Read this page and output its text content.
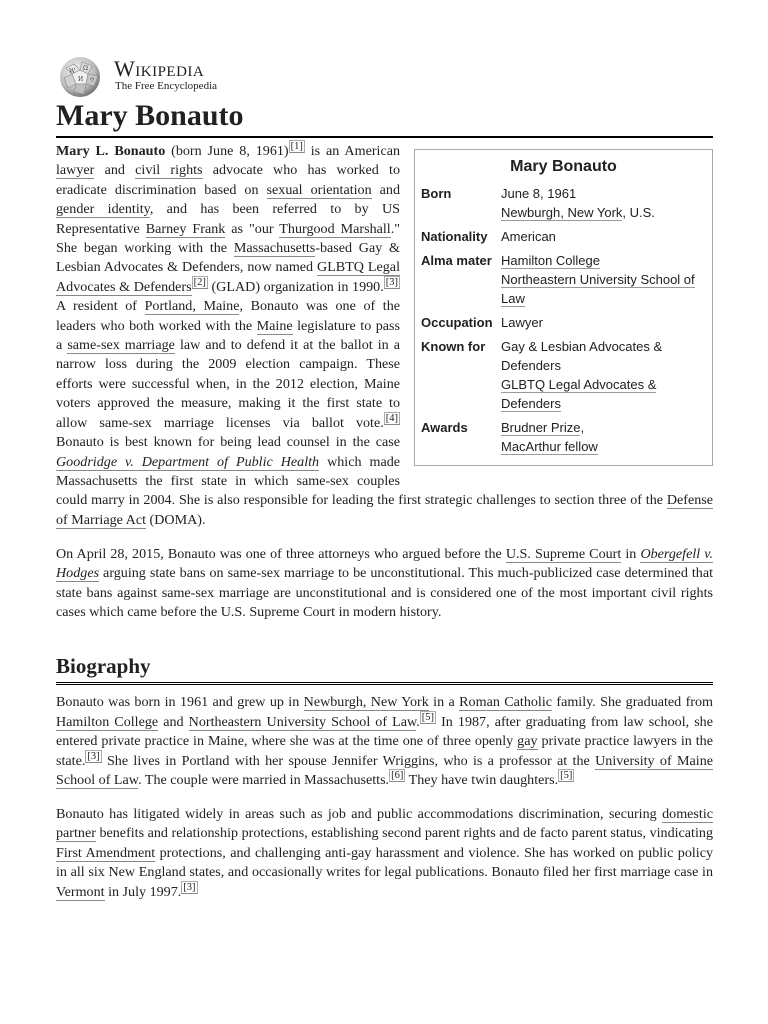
W Ω
И ウ Wikipedia
The Free Encyclopedia
Mary Bonauto
Mary Bonauto
Born	June 8, 1961
Newburgh, New York, U.S.
Nationality	American
Alma mater	Hamilton College
Northeastern University School of Law
Occupation	Lawyer
Known for	Gay & Lesbian Advocates & Defenders
GLBTQ Legal Advocates & Defenders
Awards	Brudner Prize,
MacArthur fellow

Mary L. Bonauto (born June 8, 1961) [1] is an American lawyer and civil rights advocate who has worked to eradicate discrimination based on sexual orientation and gender identity, and has been referred to by US Representative Barney Frank as "our Thurgood Marshall." She began working with the Massachusetts-based Gay & Lesbian Advocates & Defenders, now named GLBTQ Legal Advocates & Defenders [2] (GLAD) organization in 1990. [3] A resident of Portland, Maine, Bonauto was one of the leaders who both worked with the Maine legislature to pass a same-sex marriage law and to defend it at the ballot in a narrow loss during the 2009 election campaign. These efforts were successful when, in the 2012 election, Maine voters approved the measure, making it the first state to allow same-sex marriage licenses via ballot vote. [4] Bonauto is best known for being lead counsel in the case Goodridge v. Department of Public Health which made Massachusetts the first state in which same-sex couples could marry in 2004. She is also responsible for leading the first strategic challenges to section three of the Defense of Marriage Act (DOMA).

On April 28, 2015, Bonauto was one of three attorneys who argued before the U.S. Supreme Court in Obergefell v. Hodges arguing state bans on same-sex marriage to be unconstitutional. This much-publicized case determined that state bans against same-sex marriage are unconstitutional and is considered one of the most important civil rights cases which came before the U.S. Supreme Court in modern history.

Biography

Bonauto was born in 1961 and grew up in Newburgh, New York in a Roman Catholic family. She graduated from Hamilton College and Northeastern University School of Law. [5] In 1987, after graduating from law school, she entered private practice in Maine, where she was at the time one of three openly gay private practice lawyers in the state. [3] She lives in Portland with her spouse Jennifer Wriggins, who is a professor at the University of Maine School of Law. The couple were married in Massachusetts. [6] They have twin daughters. [5]

Bonauto has litigated widely in areas such as job and public accommodations discrimination, securing domestic partner benefits and relationship protections, establishing second parent rights and de facto parent status, vindicating First Amendment protections, and challenging anti-gay harassment and violence. She has worked on public policy in all six New England states, and occasionally writes for legal publications. Bonauto filed her first marriage case in Vermont in July 1997. [3]
